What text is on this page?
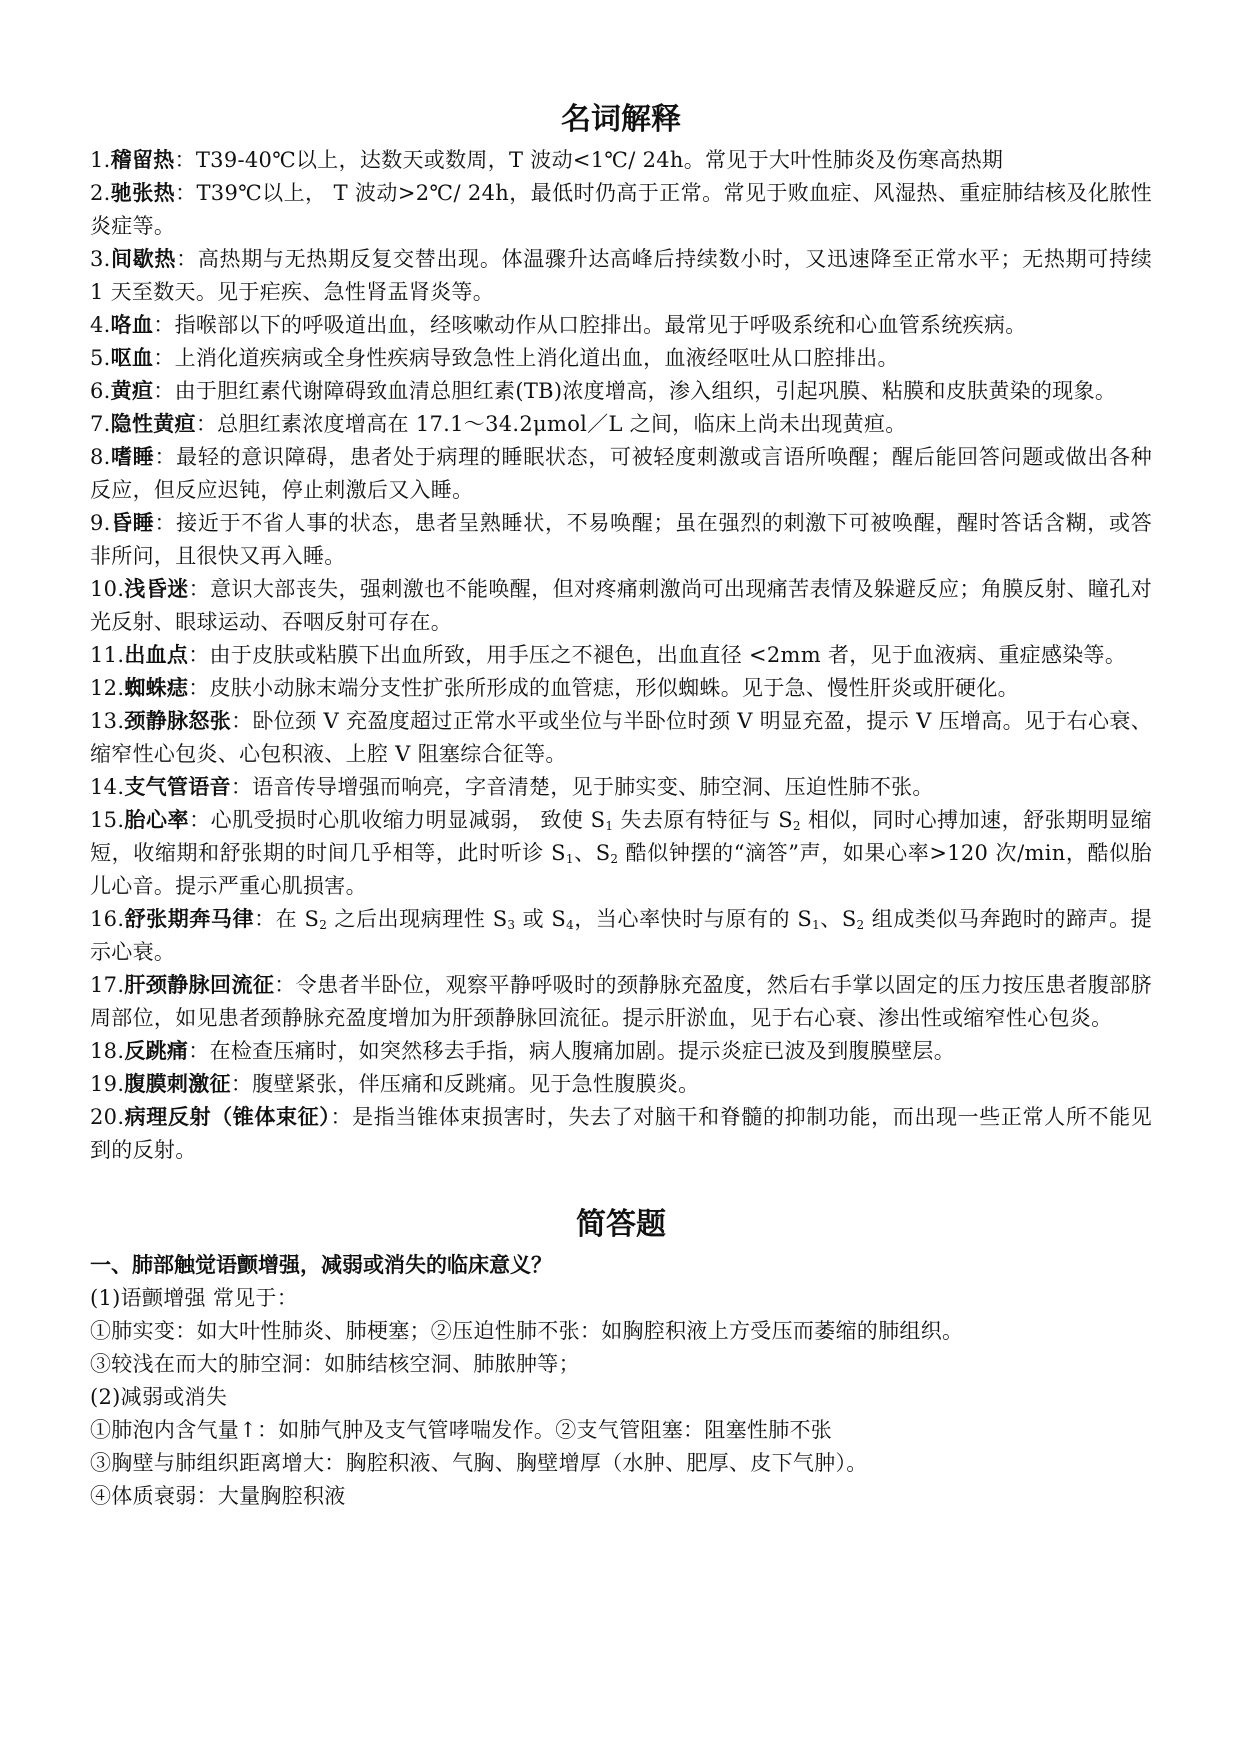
名词解释

1.稽留热：T39-40℃以上，达数天或数周，T 波动<1℃/ 24h。常见于大叶性肺炎及伤寒高热期

2.驰张热：T39℃以上， T 波动>2℃/ 24h，最低时仍高于正常。常见于败血症、风湿热、重症肺结核及化脓性炎症等。

3.间歇热：高热期与无热期反复交替出现。体温骤升达高峰后持续数小时，又迅速降至正常水平；无热期可持续 1 天至数天。见于疟疾、急性肾盂肾炎等。

4.咯血：指喉部以下的呼吸道出血，经咳嗽动作从口腔排出。最常见于呼吸系统和心血管系统疾病。

5.呕血：上消化道疾病或全身性疾病导致急性上消化道出血，血液经呕吐从口腔排出。

6.黄疸：由于胆红素代谢障碍致血清总胆红素(TB)浓度增高，渗入组织，引起巩膜、粘膜和皮肤黄染的现象。

7.隐性黄疸：总胆红素浓度增高在 17.1～34.2μmol／L 之间，临床上尚未出现黄疸。

8.嗜睡：最轻的意识障碍，患者处于病理的睡眠状态，可被轻度刺激或言语所唤醒；醒后能回答问题或做出各种反应，但反应迟钝，停止刺激后又入睡。

9.昏睡：接近于不省人事的状态，患者呈熟睡状，不易唤醒；虽在强烈的刺激下可被唤醒，醒时答话含糊，或答非所问，且很快又再入睡。

10.浅昏迷：意识大部丧失，强刺激也不能唤醒，但对疼痛刺激尚可出现痛苦表情及躲避反应；角膜反射、瞳孔对光反射、眼球运动、吞咽反射可存在。

11.出血点：由于皮肤或粘膜下出血所致，用手压之不褪色，出血直径 <2mm 者，见于血液病、重症感染等。

12.蜘蛛痣：皮肤小动脉末端分支性扩张所形成的血管痣，形似蜘蛛。见于急、慢性肝炎或肝硬化。

13.颈静脉怒张：卧位颈 V 充盈度超过正常水平或坐位与半卧位时颈 V 明显充盈，提示 V 压增高。见于右心衰、缩窄性心包炎、心包积液、上腔 V 阻塞综合征等。

14.支气管语音：语音传导增强而响亮，字音清楚，见于肺实变、肺空洞、压迫性肺不张。

15.胎心率：心肌受损时心肌收缩力明显减弱， 致使 $S_1$ 失去原有特征与 $S_2$ 相似，同时心搏加速，舒张期明显缩短，收缩期和舒张期的时间几乎相等，此时听诊 $S_1$、$S_2$ 酷似钟摆的“滴答”声，如果心率>120 次/min，酷似胎儿心音。提示严重心肌损害。

16.舒张期奔马律：在 $S_2$ 之后出现病理性 $S_3$ 或 $S_4$，当心率快时与原有的 $S_1$、$S_2$ 组成类似马奔跑时的蹄声。提示心衰。

17.肝颈静脉回流征：令患者半卧位，观察平静呼吸时的颈静脉充盈度，然后右手掌以固定的压力按压患者腹部脐周部位，如见患者颈静脉充盈度增加为肝颈静脉回流征。提示肝淤血，见于右心衰、渗出性或缩窄性心包炎。

18.反跳痛：在检查压痛时，如突然移去手指，病人腹痛加剧。提示炎症已波及到腹膜壁层。

19.腹膜刺激征：腹壁紧张，伴压痛和反跳痛。见于急性腹膜炎。

20.病理反射（锥体束征）：是指当锥体束损害时，失去了对脑干和脊髓的抑制功能，而出现一些正常人所不能见到的反射。

简答题

一、肺部触觉语颤增强，减弱或消失的临床意义？

(1)语颤增强 常见于：

①肺实变：如大叶性肺炎、肺梗塞；②压迫性肺不张：如胸腔积液上方受压而萎缩的肺组织。

③较浅在而大的肺空洞：如肺结核空洞、肺脓肿等；

(2)减弱或消失

①肺泡内含气量↑：如肺气肿及支气管哮喘发作。②支气管阻塞：阻塞性肺不张

③胸壁与肺组织距离增大：胸腔积液、气胸、胸壁增厚（水肿、肥厚、皮下气肿）。

④体质衰弱：大量胸腔积液
